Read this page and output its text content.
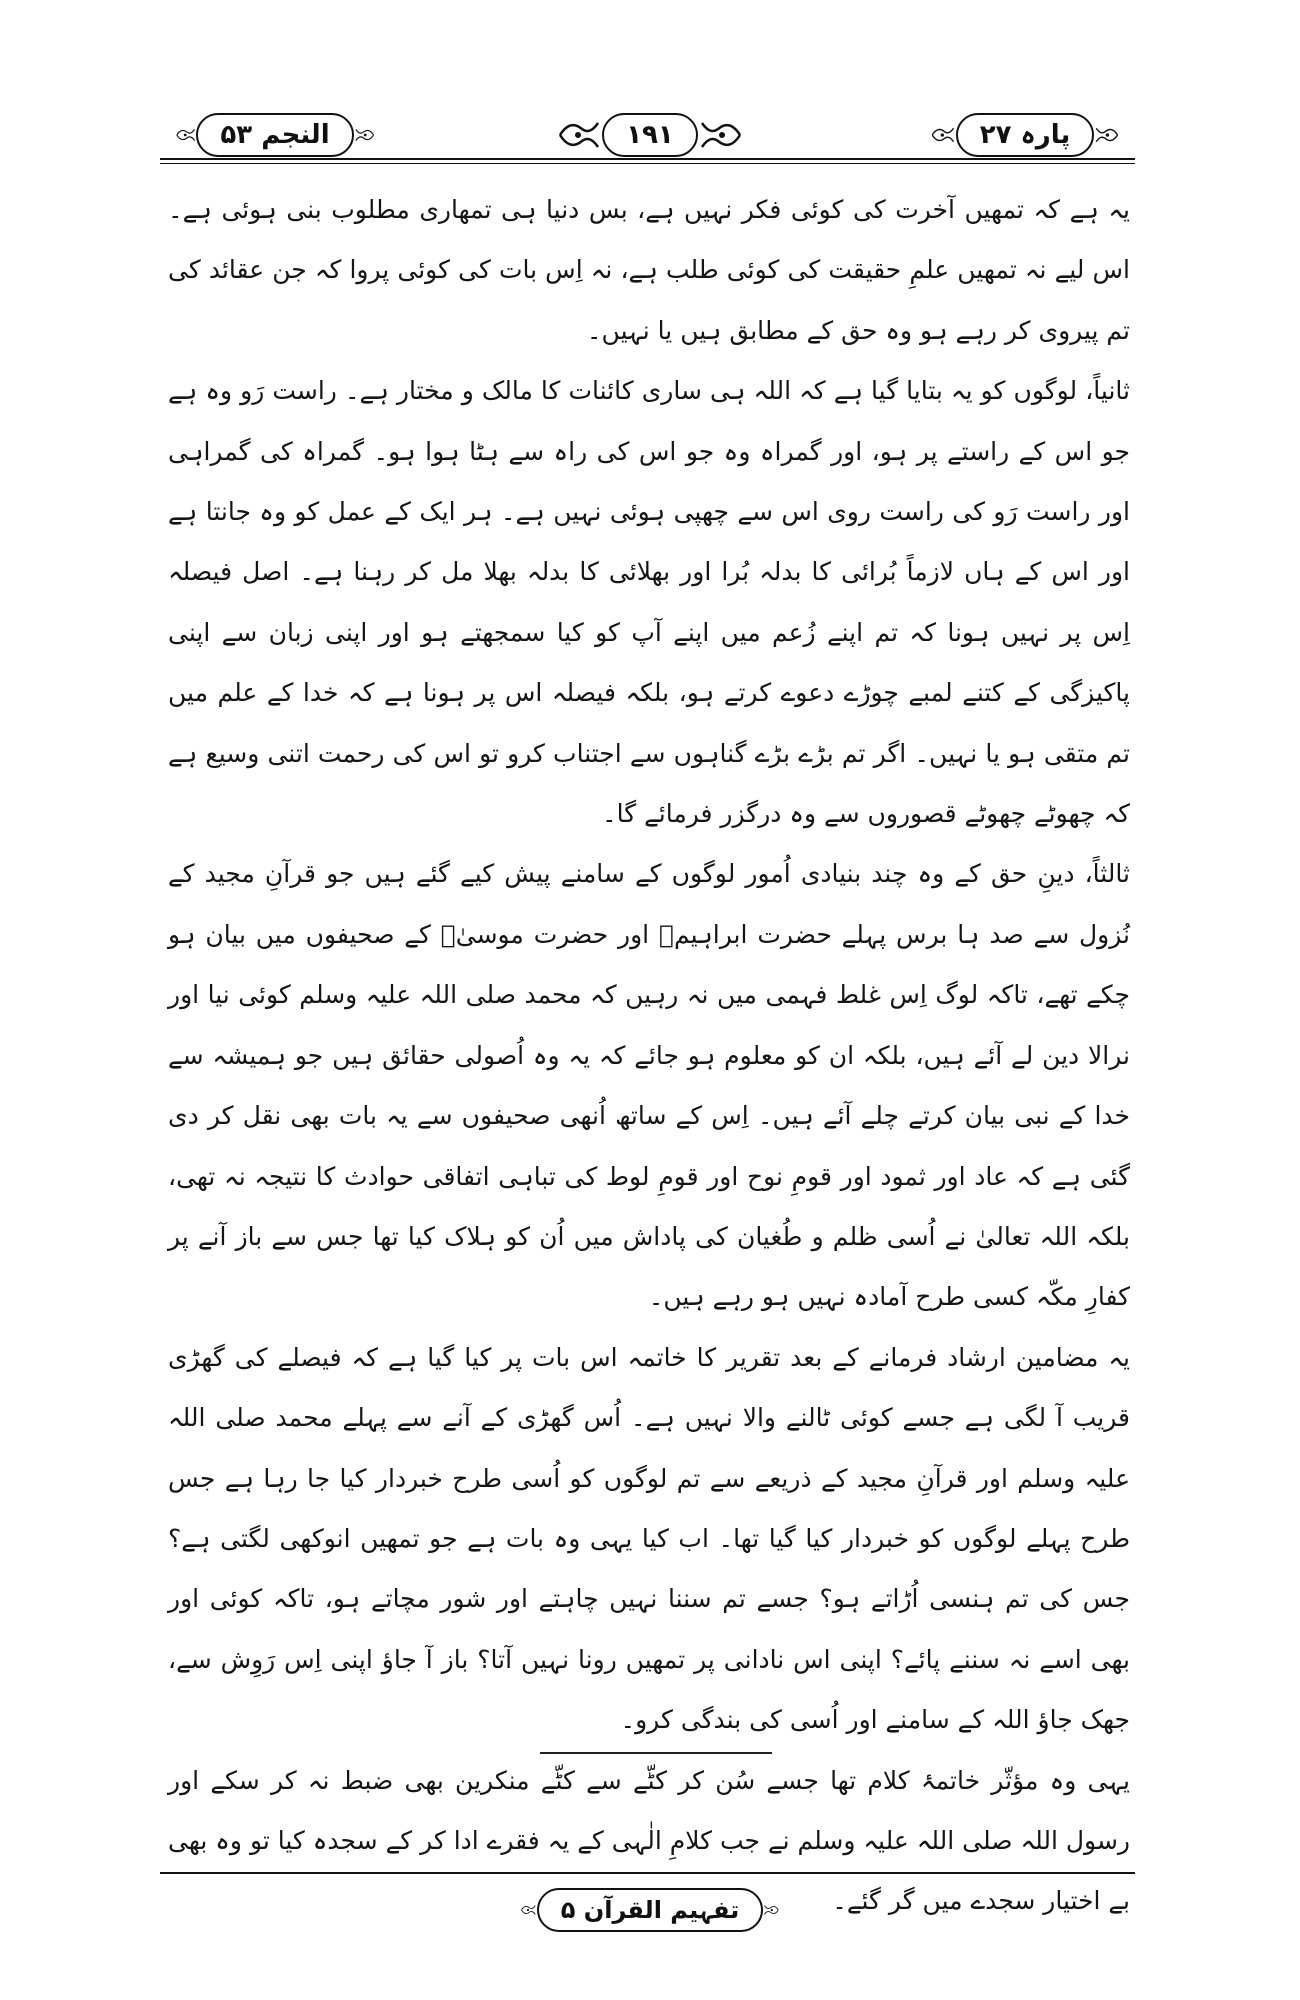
پارہ ۲۷
۱۹۱
النجم ۵۳

یہ ہے کہ تمھیں آخرت کی کوئی فکر نہیں ہے، بس دنیا ہی تمھاری مطلوب بنی ہوئی ہے۔ اس لیے نہ تمھیں علمِ حقیقت کی کوئی طلب ہے، نہ اِس بات کی کوئی پروا کہ جن عقائد کی تم پیروی کر رہے ہو وہ حق کے مطابق ہیں یا نہیں۔

ثانیاً، لوگوں کو یہ بتایا گیا ہے کہ اللہ ہی ساری کائنات کا مالک و مختار ہے۔ راست رَو وہ ہے جو اس کے راستے پر ہو، اور گمراہ وہ جو اس کی راہ سے ہٹا ہوا ہو۔ گمراہ کی گمراہی اور راست رَو کی راست روی اس سے چھپی ہوئی نہیں ہے۔ ہر ایک کے عمل کو وہ جانتا ہے اور اس کے ہاں لازماً بُرائی کا بدلہ بُرا اور بھلائی کا بدلہ بھلا مل کر رہنا ہے۔ اصل فیصلہ اِس پر نہیں ہونا کہ تم اپنے زُعم میں اپنے آپ کو کیا سمجھتے ہو اور اپنی زبان سے اپنی پاکیزگی کے کتنے لمبے چوڑے دعوے کرتے ہو، بلکہ فیصلہ اس پر ہونا ہے کہ خدا کے علم میں تم متقی ہو یا نہیں۔ اگر تم بڑے بڑے گناہوں سے اجتناب کرو تو اس کی رحمت اتنی وسیع ہے کہ چھوٹے چھوٹے قصوروں سے وہ درگزر فرمائے گا۔

ثالثاً، دینِ حق کے وہ چند بنیادی اُمور لوگوں کے سامنے پیش کیے گئے ہیں جو قرآنِ مجید کے نُزول سے صد ہا برس پہلے حضرت ابراہیمؑ اور حضرت موسیٰؑ کے صحیفوں میں بیان ہو چکے تھے، تاکہ لوگ اِس غلط فہمی میں نہ رہیں کہ محمد صلی اللہ علیہ وسلم کوئی نیا اور نرالا دین لے آئے ہیں، بلکہ ان کو معلوم ہو جائے کہ یہ وہ اُصولی حقائق ہیں جو ہمیشہ سے خدا کے نبی بیان کرتے چلے آئے ہیں۔ اِس کے ساتھ اُنھی صحیفوں سے یہ بات بھی نقل کر دی گئی ہے کہ عاد اور ثمود اور قومِ نوح اور قومِ لوط کی تباہی اتفاقی حوادث کا نتیجہ نہ تھی، بلکہ اللہ تعالیٰ نے اُسی ظلم و طُغیان کی پاداش میں اُن کو ہلاک کیا تھا جس سے باز آنے پر کفارِ مکّہ کسی طرح آمادہ نہیں ہو رہے ہیں۔

یہ مضامین ارشاد فرمانے کے بعد تقریر کا خاتمہ اس بات پر کیا گیا ہے کہ فیصلے کی گھڑی قریب آ لگی ہے جسے کوئی ٹالنے والا نہیں ہے۔ اُس گھڑی کے آنے سے پہلے محمد صلی اللہ علیہ وسلم اور قرآنِ مجید کے ذریعے سے تم لوگوں کو اُسی طرح خبردار کیا جا رہا ہے جس طرح پہلے لوگوں کو خبردار کیا گیا تھا۔ اب کیا یہی وہ بات ہے جو تمھیں انوکھی لگتی ہے؟ جس کی تم ہنسی اُڑاتے ہو؟ جسے تم سننا نہیں چاہتے اور شور مچاتے ہو، تاکہ کوئی اور بھی اسے نہ سننے پائے؟ اپنی اس نادانی پر تمھیں رونا نہیں آتا؟ باز آ جاؤ اپنی اِس رَوِش سے، جھک جاؤ اللہ کے سامنے اور اُسی کی بندگی کرو۔

یہی وہ مؤثّر خاتمۂ کلام تھا جسے سُن کر کٹّے سے کٹّے منکرین بھی ضبط نہ کر سکے اور رسول اللہ صلی اللہ علیہ وسلم نے جب کلامِ الٰہی کے یہ فقرے ادا کر کے سجدہ کیا تو وہ بھی بے اختیار سجدے میں گر گئے۔

تفہیم القرآن ۵
